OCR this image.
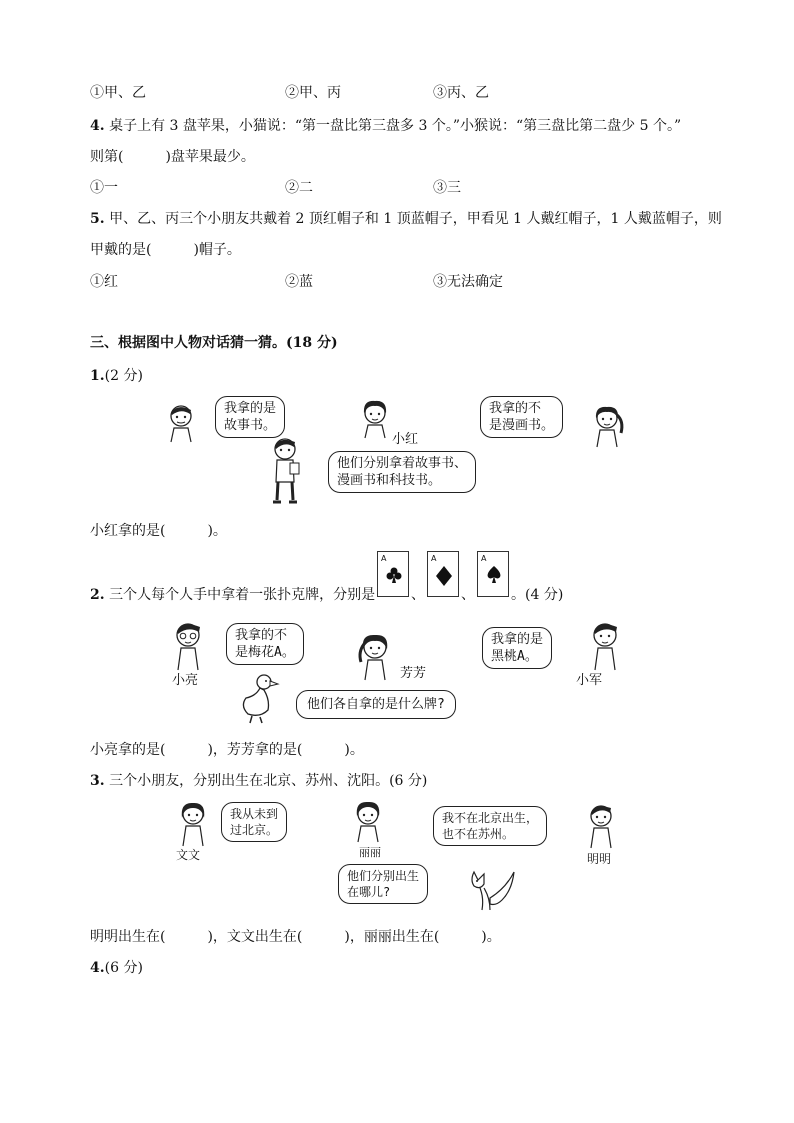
①甲、乙	②甲、丙	③丙、乙
4. 桌子上有 3 盘苹果，小猫说：“第一盘比第三盘多 3 个。”小猴说：“第三盘比第二盘少 5 个。”
则第(　　　)盘苹果最少。
①一	②二	③三
5. 甲、乙、丙三个小朋友共戴着 2 顶红帽子和 1 顶蓝帽子，甲看见 1 人戴红帽子，1 人戴蓝帽子，则
甲戴的是(　　　)帽子。
①红	②蓝	③无法确定
三、根据图中人物对话猜一猜。(18 分)
1.(2 分)
我拿的是
故事书。
小红
我拿的不
是漫画书。
他们分别拿着故事书、
漫画书和科技书。
小红拿的是(　　　)。
2. 三个人每个人手中拿着一张扑克牌，分别是
A
、
A
、
A
。(4 分)
小亮
我拿的不
是梅花A。
芳芳
我拿的是
黑桃A。
小军
他们各自拿的是什么牌?
小亮拿的是(　　　)，芳芳拿的是(　　　)。
3. 三个小朋友，分别出生在北京、苏州、沈阳。(6 分)
文文
我从未到
过北京。
丽丽
我不在北京出生，
也不在苏州。
明明
他们分别出生
在哪儿?
明明出生在(　　　)，文文出生在(　　　)，丽丽出生在(　　　)。
4.(6 分)
